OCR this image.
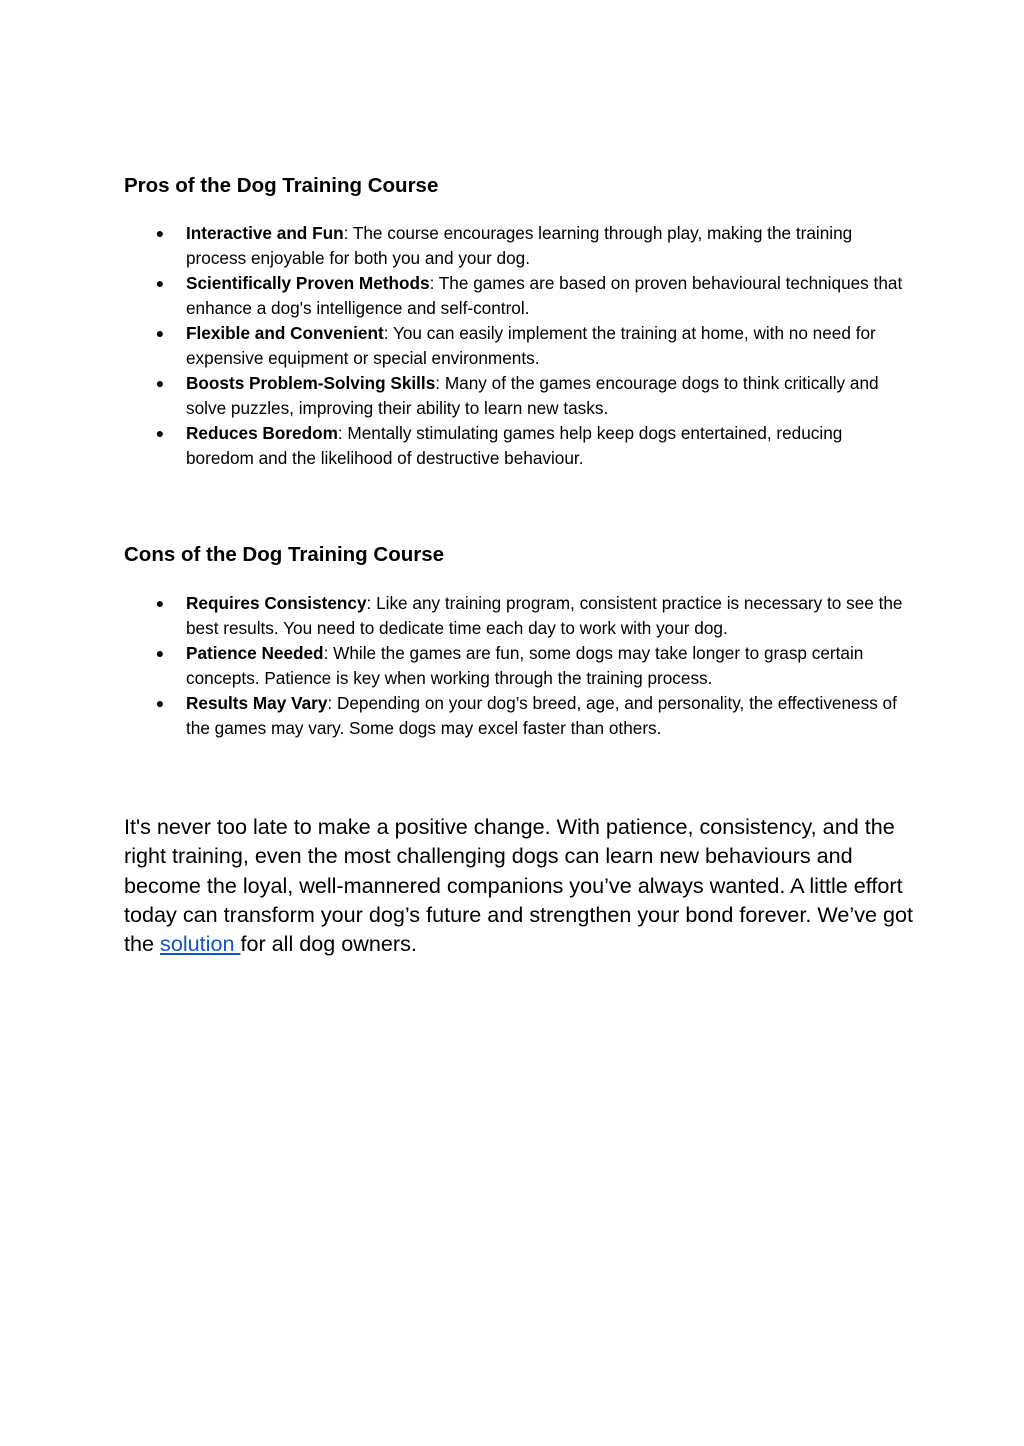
Pros of the Dog Training Course
● Interactive and Fun: The course encourages learning through play, making the training process enjoyable for both you and your dog.
● Scientifically Proven Methods: The games are based on proven behavioural techniques that enhance a dog's intelligence and self-control.
● Flexible and Convenient: You can easily implement the training at home, with no need for expensive equipment or special environments.
● Boosts Problem-Solving Skills: Many of the games encourage dogs to think critically and solve puzzles, improving their ability to learn new tasks.
● Reduces Boredom: Mentally stimulating games help keep dogs entertained, reducing boredom and the likelihood of destructive behaviour.
Cons of the Dog Training Course
● Requires Consistency: Like any training program, consistent practice is necessary to see the best results. You need to dedicate time each day to work with your dog.
● Patience Needed: While the games are fun, some dogs may take longer to grasp certain concepts. Patience is key when working through the training process.
● Results May Vary: Depending on your dog’s breed, age, and personality, the effectiveness of the games may vary. Some dogs may excel faster than others.

It's never too late to make a positive change. With patience, consistency, and the right training, even the most challenging dogs can learn new behaviours and become the loyal, well-mannered companions you’ve always wanted. A little effort today can transform your dog’s future and strengthen your bond forever. We’ve got the solution for all dog owners.
